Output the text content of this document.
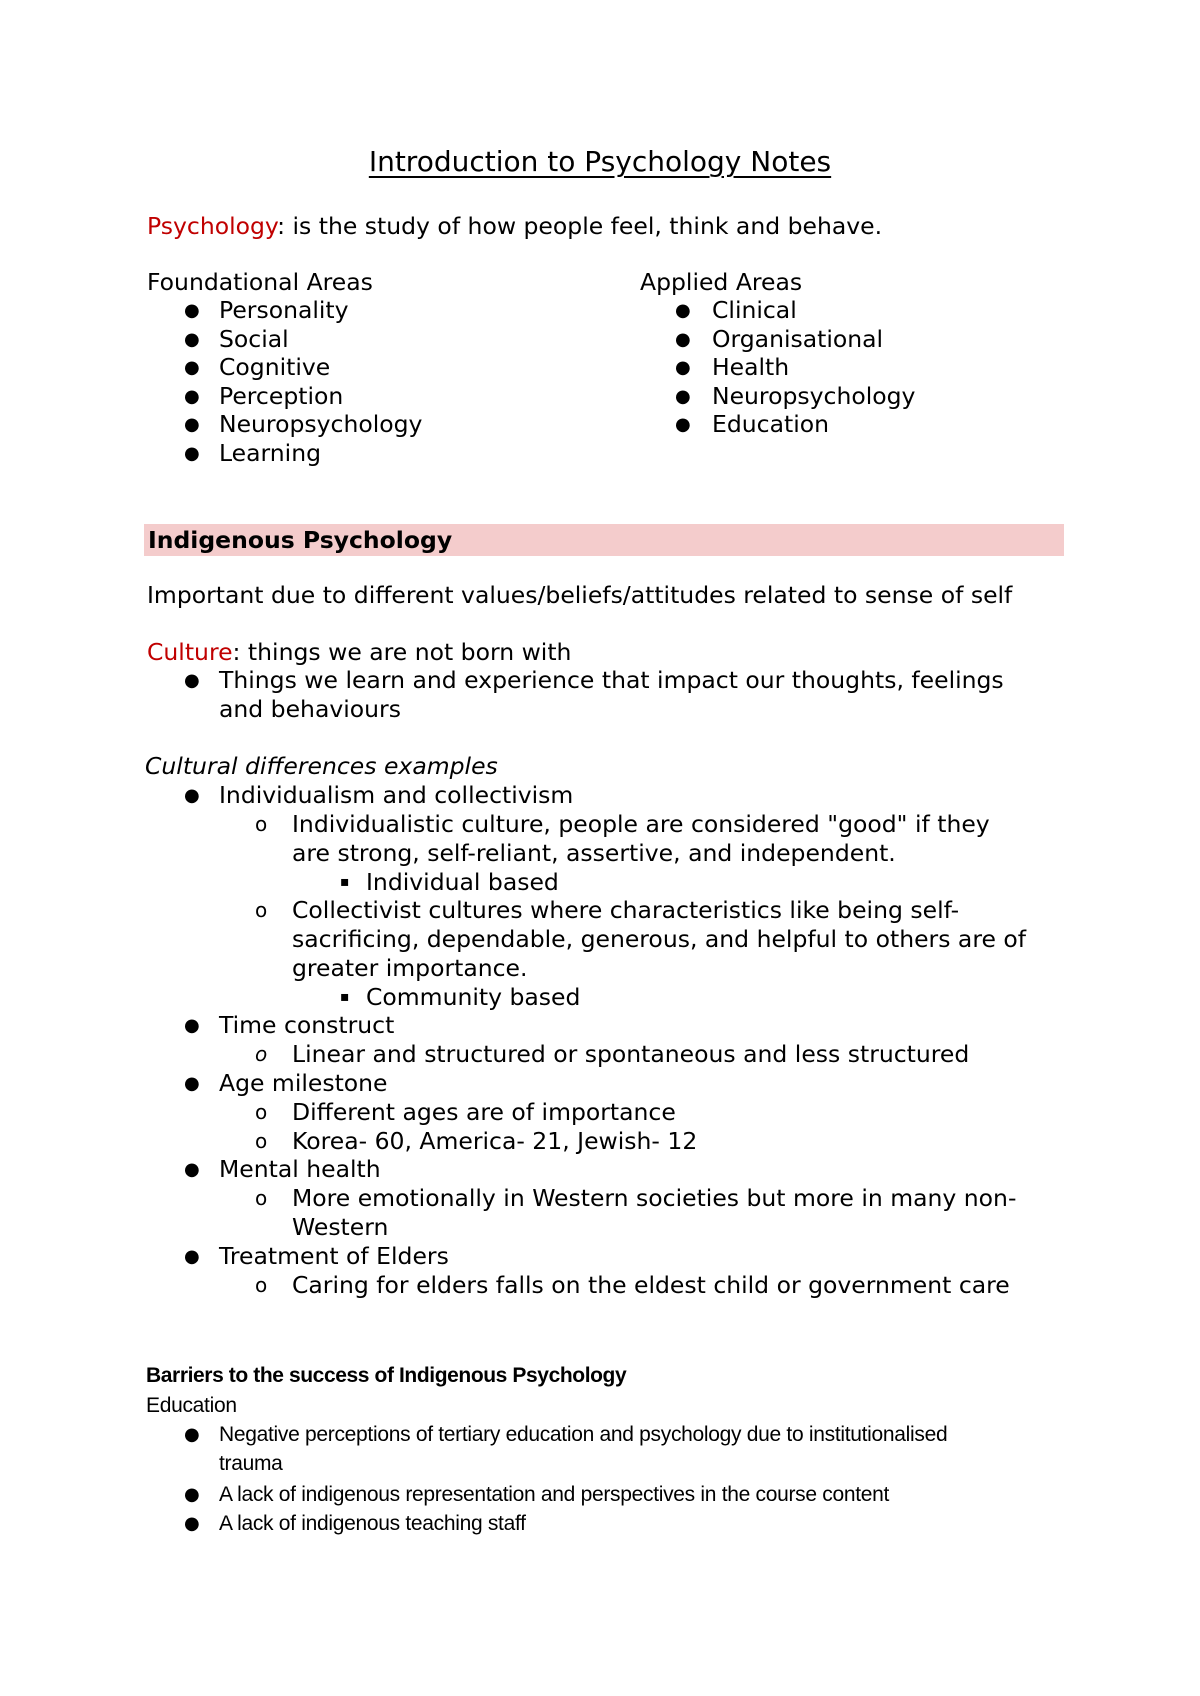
Introduction to Psychology Notes
Psychology: is the study of how people feel, think and behave.
Foundational Areas
● Personality
● Social
● Cognitive
● Perception
● Neuropsychology
● Learning
Applied Areas
● Clinical
● Organisational
● Health
● Neuropsychology
● Education
Indigenous Psychology
Important due to different values/beliefs/attitudes related to sense of self
Culture: things we are not born with
● Things we learn and experience that impact our thoughts, feelings
and behaviours
Cultural differences examples
● Individualism and collectivism
o Individualistic culture, people are considered "good" if they
are strong, self-reliant, assertive, and independent.
▪ Individual based
o Collectivist cultures where characteristics like being self-
sacrificing, dependable, generous, and helpful to others are of
greater importance.
▪ Community based
● Time construct
o Linear and structured or spontaneous and less structured
● Age milestone
o Different ages are of importance
o Korea- 60, America- 21, Jewish- 12
● Mental health
o More emotionally in Western societies but more in many non-
Western
● Treatment of Elders
o Caring for elders falls on the eldest child or government care
Barriers to the success of Indigenous Psychology
Education
● Negative perceptions of tertiary education and psychology due to institutionalised
trauma
● A lack of indigenous representation and perspectives in the course content
● A lack of indigenous teaching staff
